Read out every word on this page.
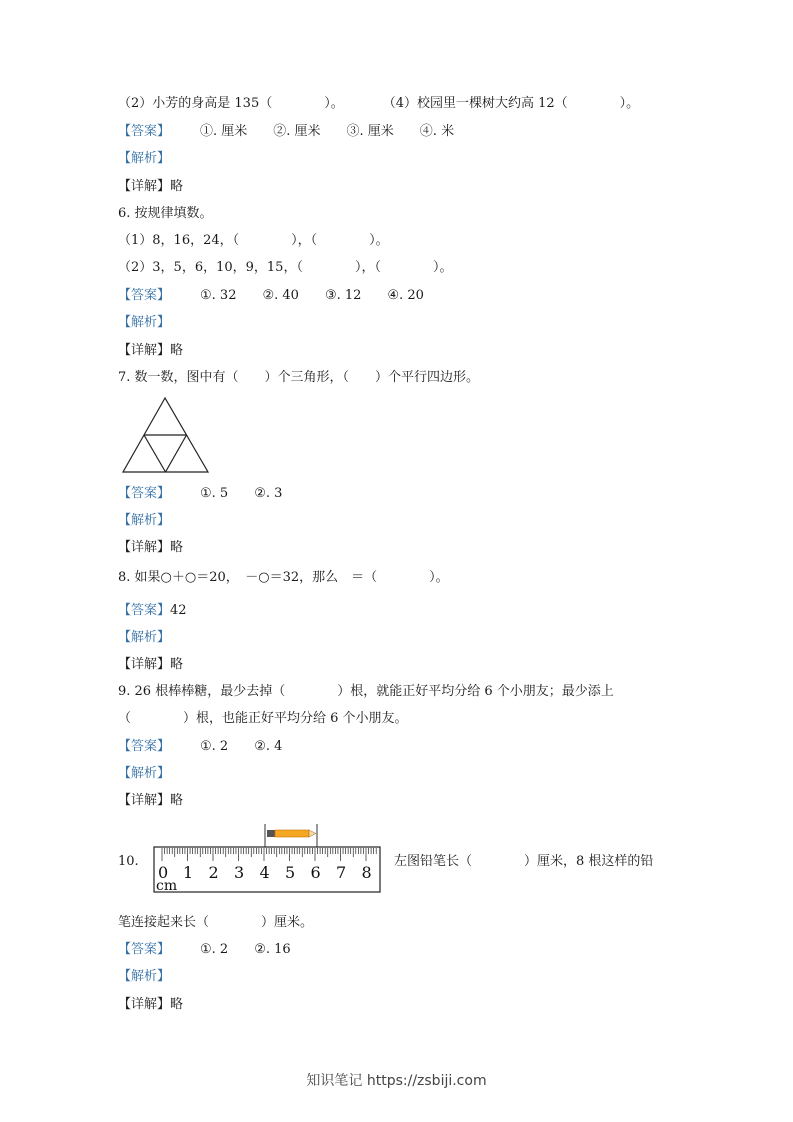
（2）小芳的身高是 135（　　　　）。　　　　（4）校园里一棵树大约高 12（　　　　）。
【答案】 ①. 厘米　　②. 厘米　　③. 厘米　　④. 米
【解析】
【详解】略
6. 按规律填数。
（1）8，16，24，（　　　　），（　　　　）。
（2）3，5，6，10，9，15，（　　　　），（　　　　）。
【答案】 ①. 32　　②. 40　　③. 12　　④. 20
【解析】
【详解】略
7. 数一数，图中有（　　）个三角形，（　　）个平行四边形。
【答案】 ①. 5　　②. 3
【解析】
【详解】略
8. 如果○＋○＝20，　－○＝32，那么　＝（　　　　）。
【答案】42
【解析】
【详解】略
9. 26 根棒棒糖，最少去掉（　　　　）根，就能正好平均分给 6 个小朋友；最少添上
（　　　　）根，也能正好平均分给 6 个小朋友。
【答案】 ①. 2　　②. 4
【解析】
【详解】略
10.
0 1 2 3 4 5 6 7 8
cm
左图铅笔长（　　　　）厘米，8 根这样的铅
笔连接起来长（　　　　）厘米。
【答案】 ①. 2　　②. 16
【解析】
【详解】略
知识笔记 https://zsbiji.com
